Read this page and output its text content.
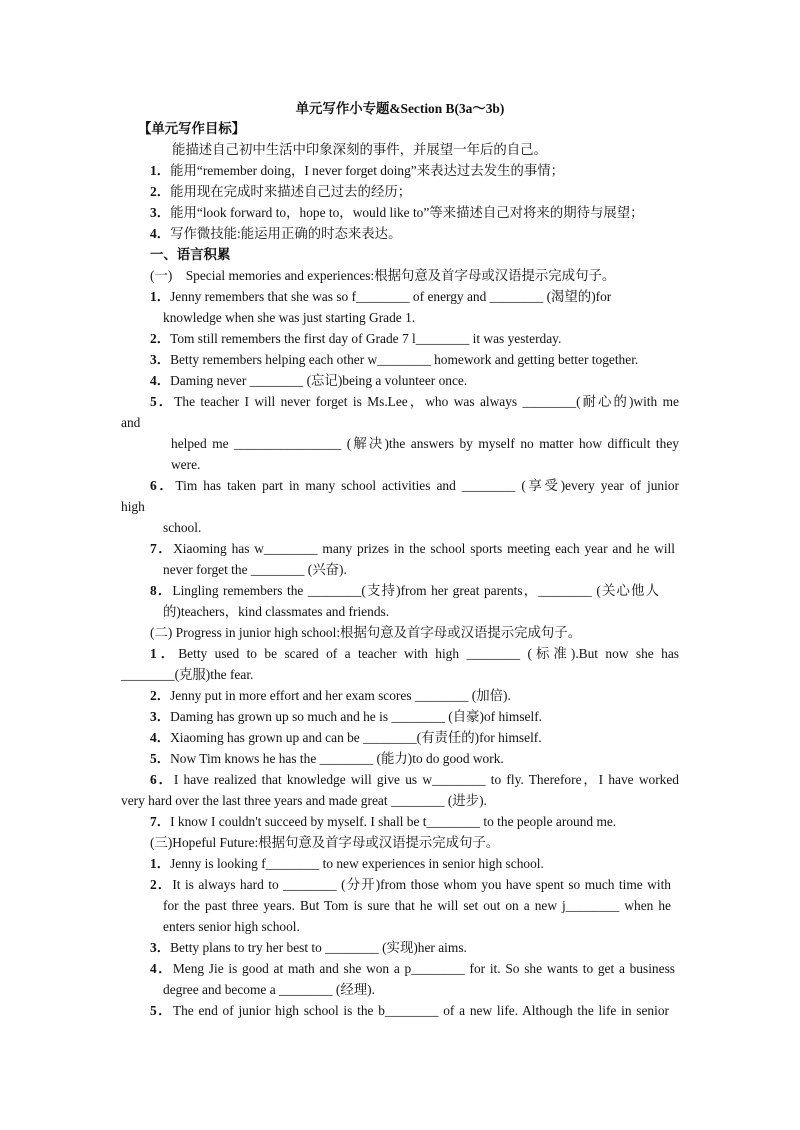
单元写作小专题&Section B(3a～3b)
【单元写作目标】
能描述自己初中生活中印象深刻的事件，并展望一年后的自己。
1．能用“remember doing，I never forget doing”来表达过去发生的事情；
2．能用现在完成时来描述自己过去的经历；
3．能用“look forward to，hope to，would like to”等来描述自己对将来的期待与展望；
4．写作微技能:能运用正确的时态来表达。
一、语言积累
(一)　Special memories and experiences:根据句意及首字母或汉语提示完成句子。
1．Jenny remembers that she was so f________ of energy and ________ (渴望的)for
knowledge when she was just starting Grade 1.
2．Tom still remembers the first day of Grade 7 l________ it was yesterday.
3．Betty remembers helping each other w________ homework and getting better together.
4．Daming never ________ (忘记)being a volunteer once.
5．The teacher I will never forget is Ms.Lee，who was always ________(耐心的)with me
and
helped me ________________ (解决)the answers by myself no matter how difficult they
were.
6．Tim has taken part in many school activities and ________ (享受)every year of junior
high
school.
7．Xiaoming has w________ many prizes in the school sports meeting each year and he will
never forget the ________ (兴奋).
8．Lingling remembers the ________(支持)from her great parents，________ (关心他人
的)teachers，kind classmates and friends.
(二) Progress in junior high school:根据句意及首字母或汉语提示完成句子。
1．Betty used to be scared of a teacher with high ________ (标准).But now she has
________(克服)the fear.
2．Jenny put in more effort and her exam scores ________ (加倍).
3．Daming has grown up so much and he is ________ (自豪)of himself.
4．Xiaoming has grown up and can be ________(有责任的)for himself.
5．Now Tim knows he has the ________ (能力)to do good work.
6．I have realized that knowledge will give us w________ to fly. Therefore，I have worked
very hard over the last three years and made great ________ (进步).
7．I know I couldn't succeed by myself. I shall be t________ to the people around me.
(三)Hopeful Future:根据句意及首字母或汉语提示完成句子。
1．Jenny is looking f________ to new experiences in senior high school.
2．It is always hard to ________ (分开)from those whom you have spent so much time with
for the past three years. But Tom is sure that he will set out on a new j________ when he
enters senior high school.
3．Betty plans to try her best to ________ (实现)her aims.
4．Meng Jie is good at math and she won a p________ for it. So she wants to get a business
degree and become a ________ (经理).
5．The end of junior high school is the b________ of a new life. Although the life in senior
